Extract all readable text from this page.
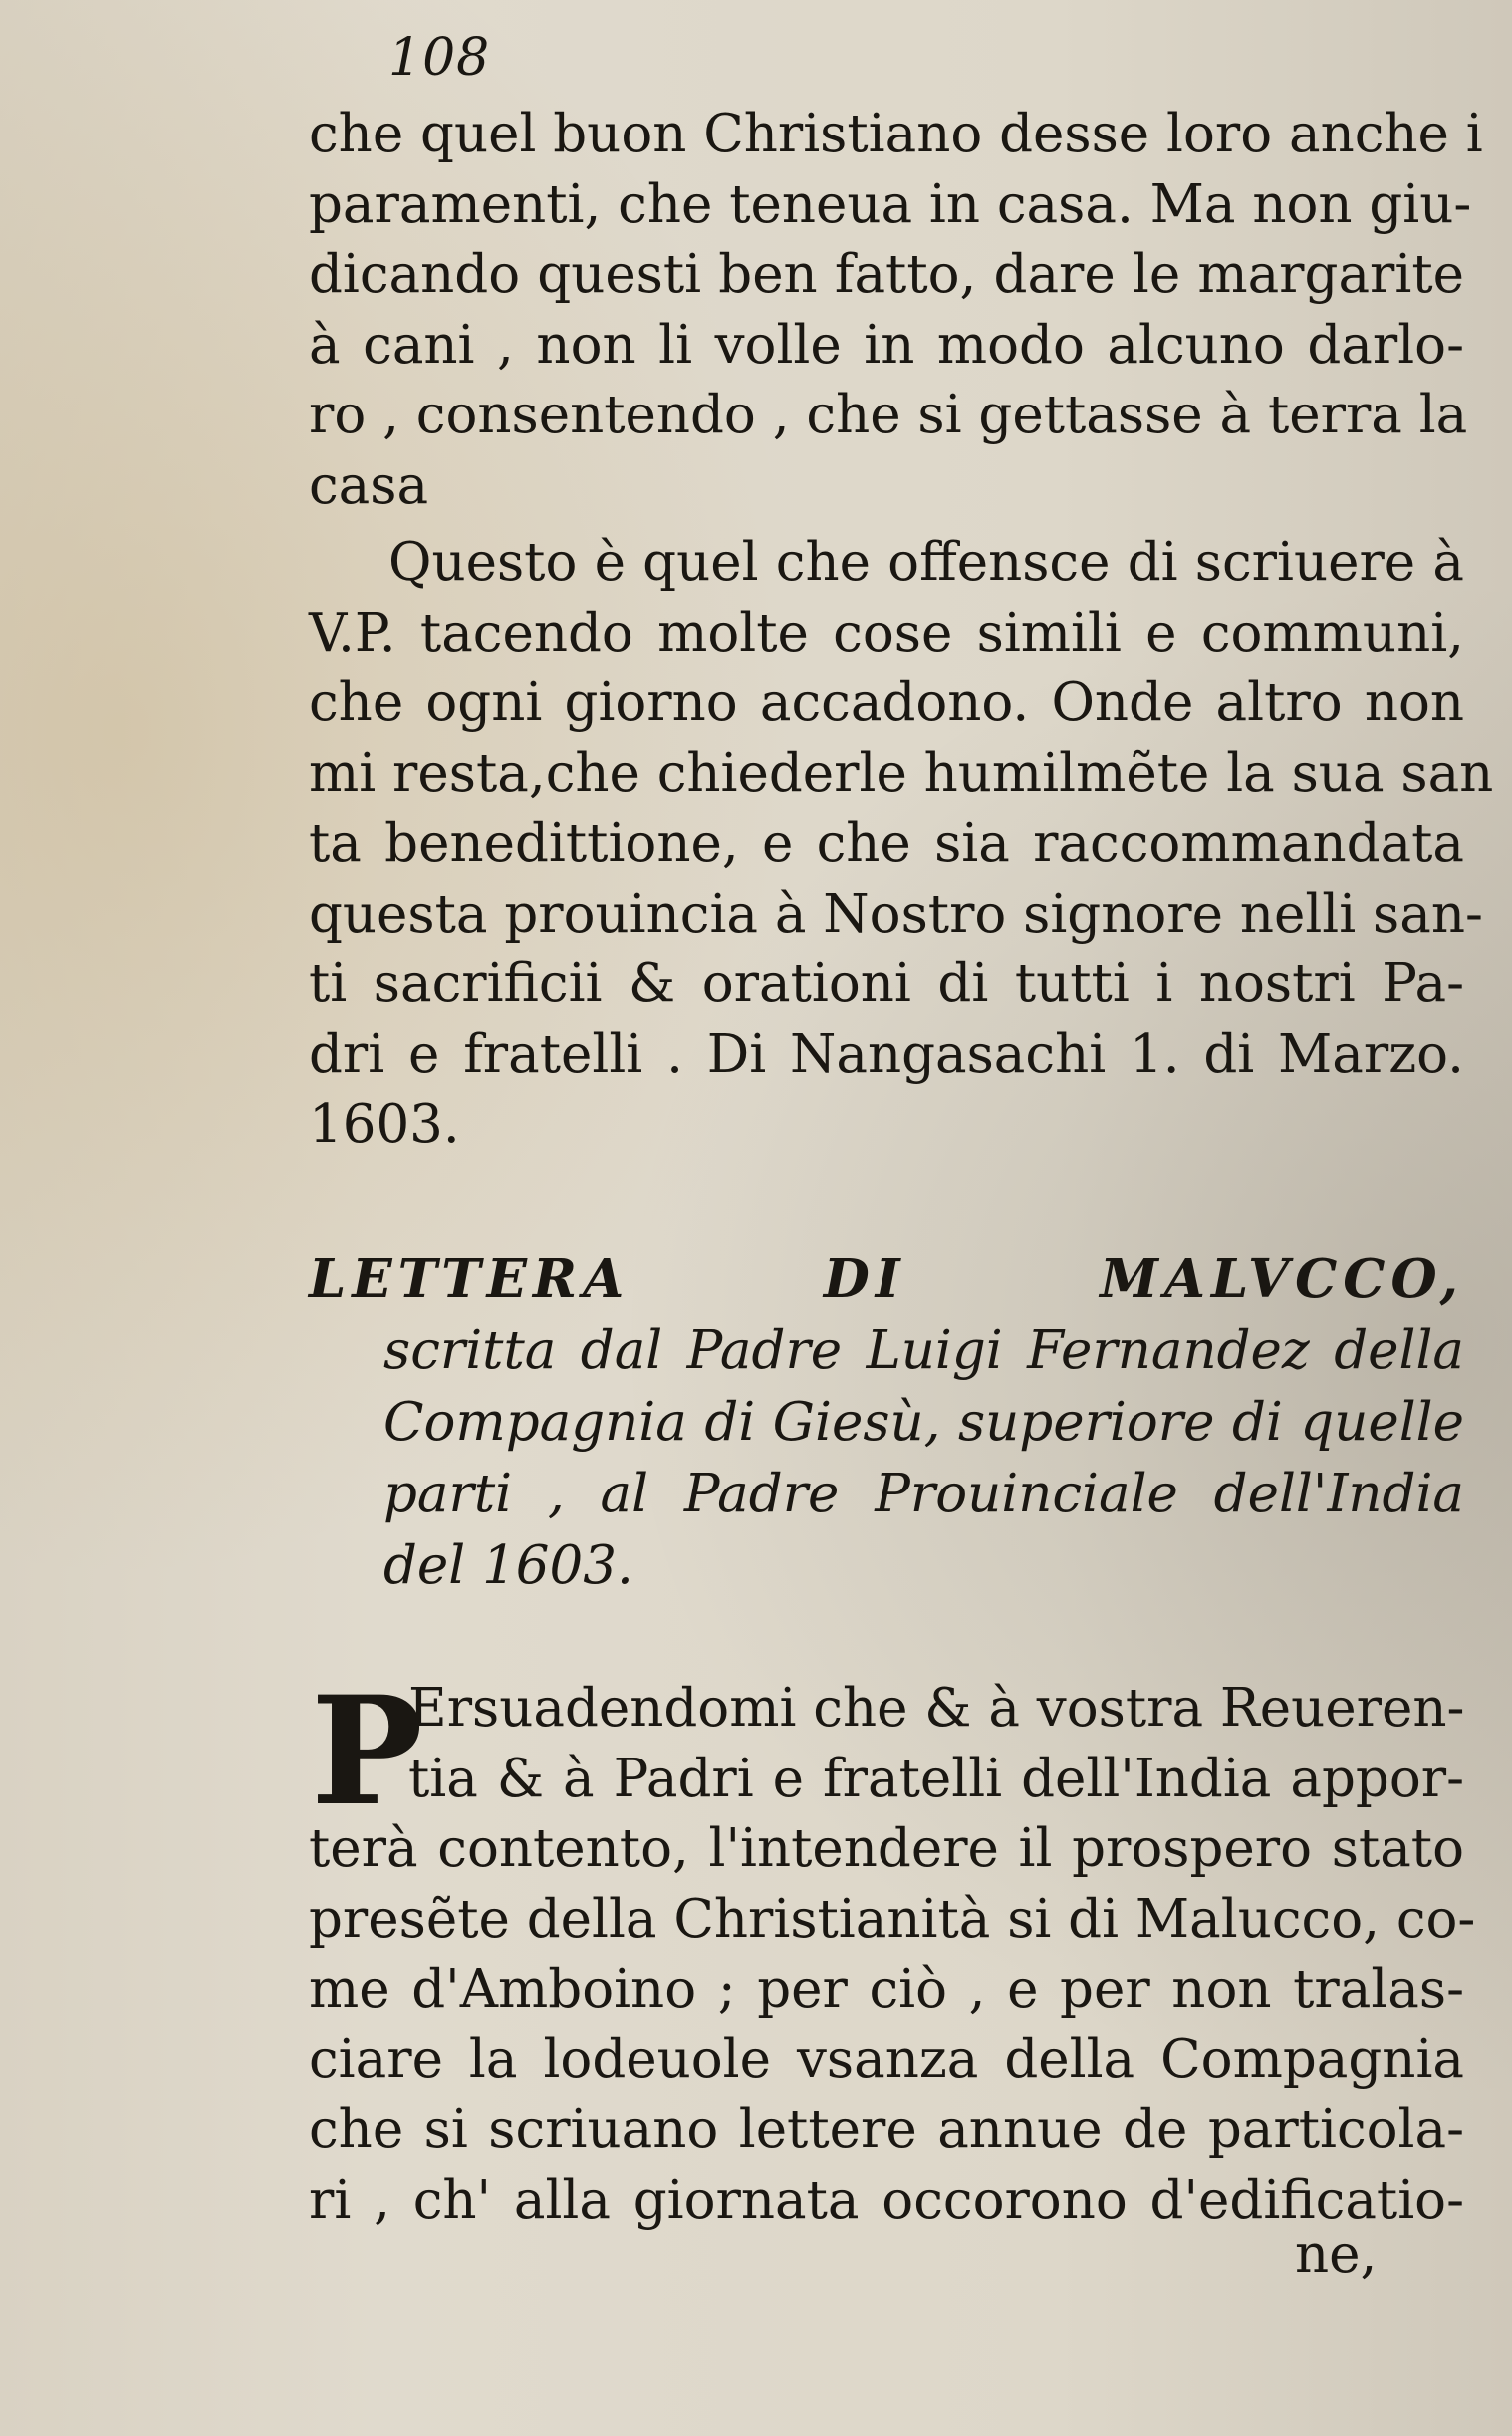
108
che quel buon Christiano desse loro anche i
paramenti, che teneua in casa. Ma non giu-
dicando questi ben fatto, dare le margarite
à cani , non li volle in modo alcuno darlo-
ro , consentendo , che si gettasse à terra la
casa
Questo è quel che offensce di scriuere à
V.P. tacendo molte cose simili e communi,
che ogni giorno accadono. Onde altro non
mi resta,che chiederle humilmẽte la sua san
ta benedittione, e che sia raccommandata
questa prouincia à Nostro signore nelli san-
ti sacrificii & orationi di tutti i nostri Pa-
dri e fratelli . Di Nangasachi 1. di Marzo.
1603.
LETTERA DI MALVCCO,
scritta dal Padre Luigi Fernandez della
Compagnia di Giesù, superiore di quelle
parti , al Padre Prouinciale dell'India
del 1603.
P
Ersuadendomi che & à vostra Reueren-
tia & à Padri e fratelli dell'India appor-
terà contento, l'intendere il prospero stato
presẽte della Christianità si di Malucco, co-
me d'Amboino ; per ciò , e per non tralas-
ciare la lodeuole vsanza della Compagnia
che si scriuano lettere annue de particola-
ri , ch' alla giornata occorono d'edificatio-
ne,
